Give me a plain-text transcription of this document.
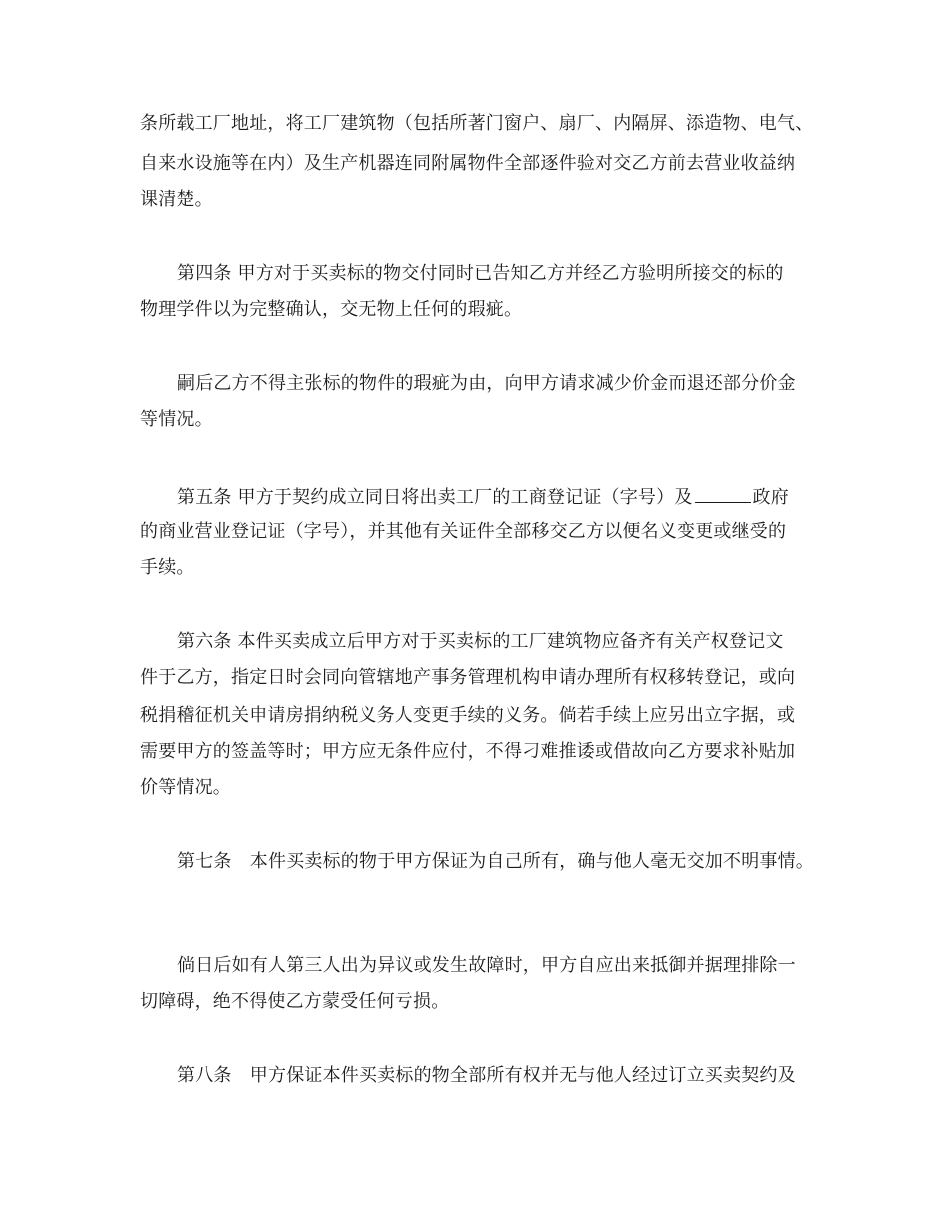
条所载工厂地址，将工厂建筑物（包括所著门窗户、扇厂、内隔屏、添造物、电气、
自来水设施等在内）及生产机器连同附属物件全部逐件验对交乙方前去营业收益纳
课清楚。
第四条 甲方对于买卖标的物交付同时已告知乙方并经乙方验明所接交的标的
物理学件以为完整确认，交无物上任何的瑕疵。
嗣后乙方不得主张标的物件的瑕疵为由，向甲方请求减少价金而退还部分价金
等情况。
第五条 甲方于契约成立同日将出卖工厂的工商登记证（字号）及	政府
的商业营业登记证（字号），并其他有关证件全部移交乙方以便名义变更或继受的
手续。
第六条 本件买卖成立后甲方对于买卖标的工厂建筑物应备齐有关产权登记文
件于乙方，指定日时会同向管辖地产事务管理机构申请办理所有权移转登记，或向
税捐稽征机关申请房捐纳税义务人变更手续的义务。倘若手续上应另出立字据，或
需要甲方的签盖等时；甲方应无条件应付，不得刁难推诿或借故向乙方要求补贴加
价等情况。
第七条　本件买卖标的物于甲方保证为自己所有，确与他人毫无交加不明事情。
倘日后如有人第三人出为异议或发生故障时，甲方自应出来抵御并据理排除一
切障碍，绝不得使乙方蒙受任何亏损。
第八条　甲方保证本件买卖标的物全部所有权并无与他人经过订立买卖契约及
